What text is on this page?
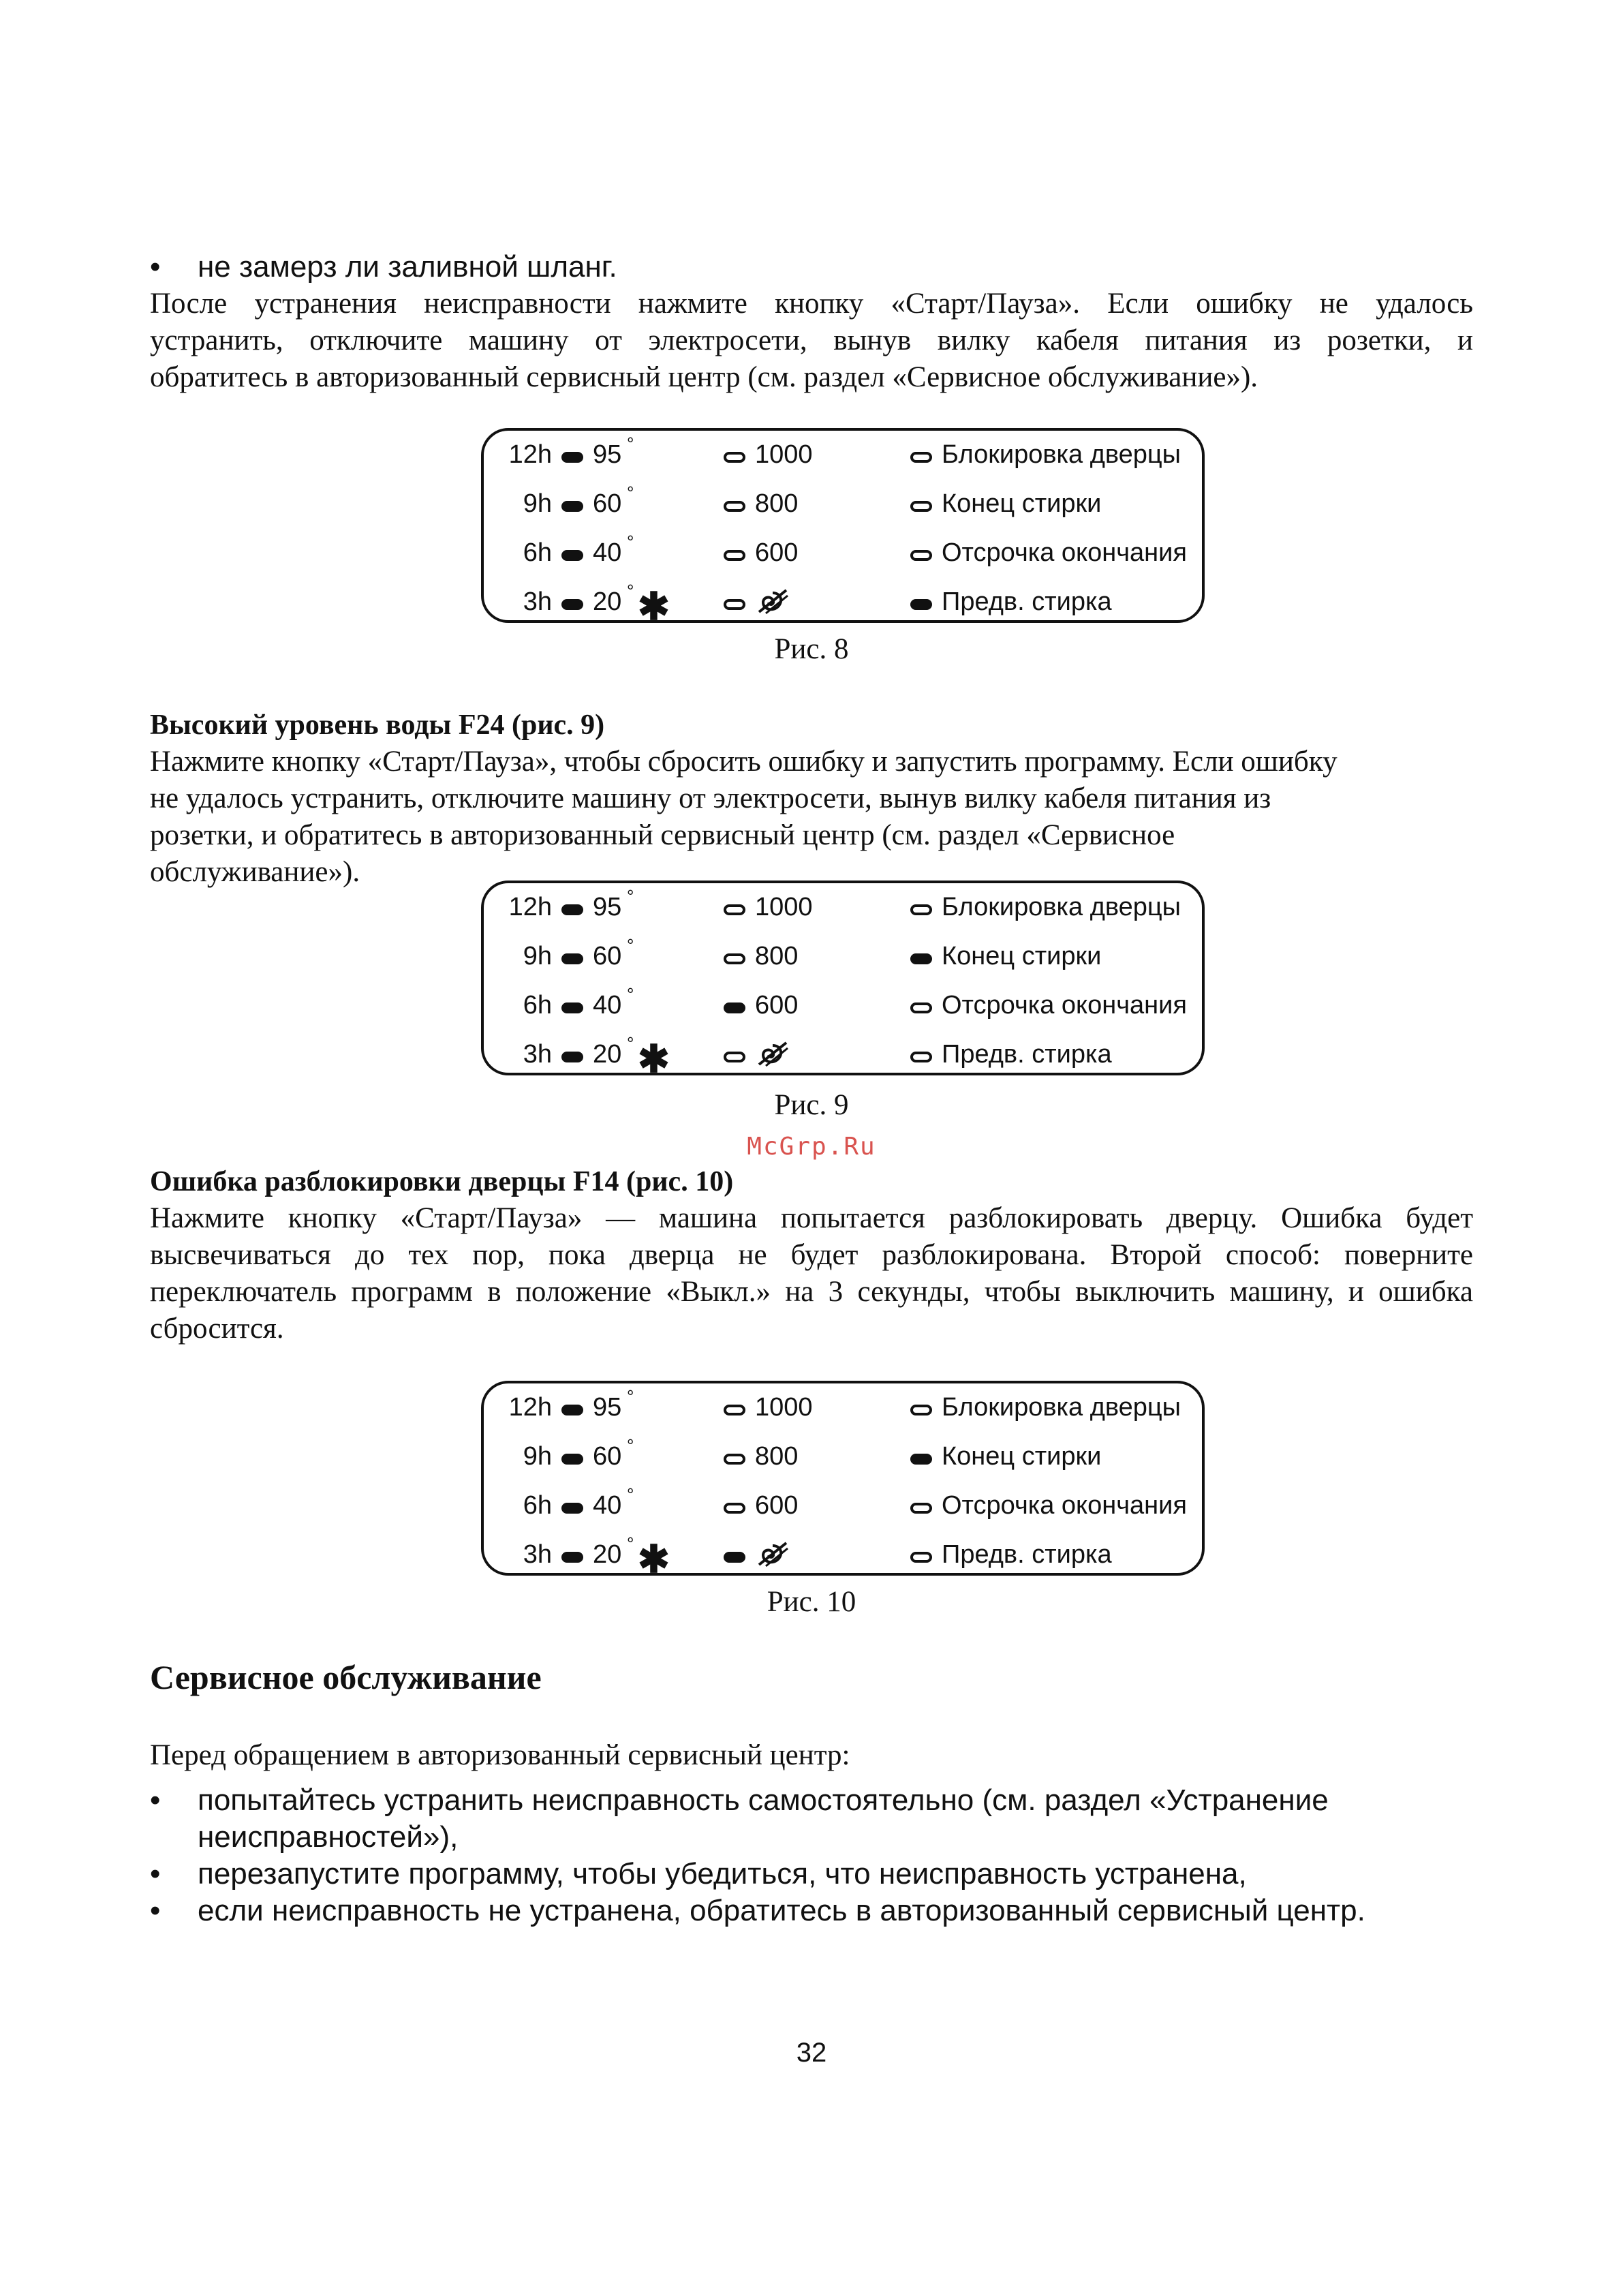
• не замерз ли заливной шланг.
После устранения неисправности нажмите кнопку «Старт/Пауза». Если ошибку не удалось
устранить, отключите машину от электросети, вынув вилку кабеля питания из розетки, и
обратитесь в авторизованный сервисный центр (см. раздел «Сервисное обслуживание»).
12h 95 °	1000	Блокировка дверцы
9h 60 °	800	Конец стирки
6h 40 °	600	Отсрочка окончания
3h 20 ° ✱	Предв. стирка
Рис. 8
Высокий уровень воды F24 (рис. 9)
Нажмите кнопку «Старт/Пауза», чтобы сбросить ошибку и запустить программу. Если ошибку
не удалось устранить, отключите машину от электросети, вынув вилку кабеля питания из
розетки, и обратитесь в авторизованный сервисный центр (см. раздел «Сервисное
обслуживание»).
12h 95 °	1000	Блокировка дверцы
9h 60 °	800	Конец стирки
6h 40 °	600	Отсрочка окончания
3h 20 ° ✱	Предв. стирка
Рис. 9
McGrp.Ru
Ошибка разблокировки дверцы F14 (рис. 10)
Нажмите кнопку «Старт/Пауза» — машина попытается разблокировать дверцу. Ошибка будет
высвечиваться до тех пор, пока дверца не будет разблокирована. Второй способ: поверните
переключатель программ в положение «Выкл.» на 3 секунды, чтобы выключить машину, и ошибка
сбросится.
12h 95 °	1000	Блокировка дверцы
9h 60 °	800	Конец стирки
6h 40 °	600	Отсрочка окончания
3h 20 ° ✱	Предв. стирка
Рис. 10
Сервисное обслуживание
Перед обращением в авторизованный сервисный центр:
• попытайтесь устранить неисправность самостоятельно (см. раздел «Устранение
неисправностей»),
• перезапустите программу, чтобы убедиться, что неисправность устранена,
• если неисправность не устранена, обратитесь в авторизованный сервисный центр.
32
